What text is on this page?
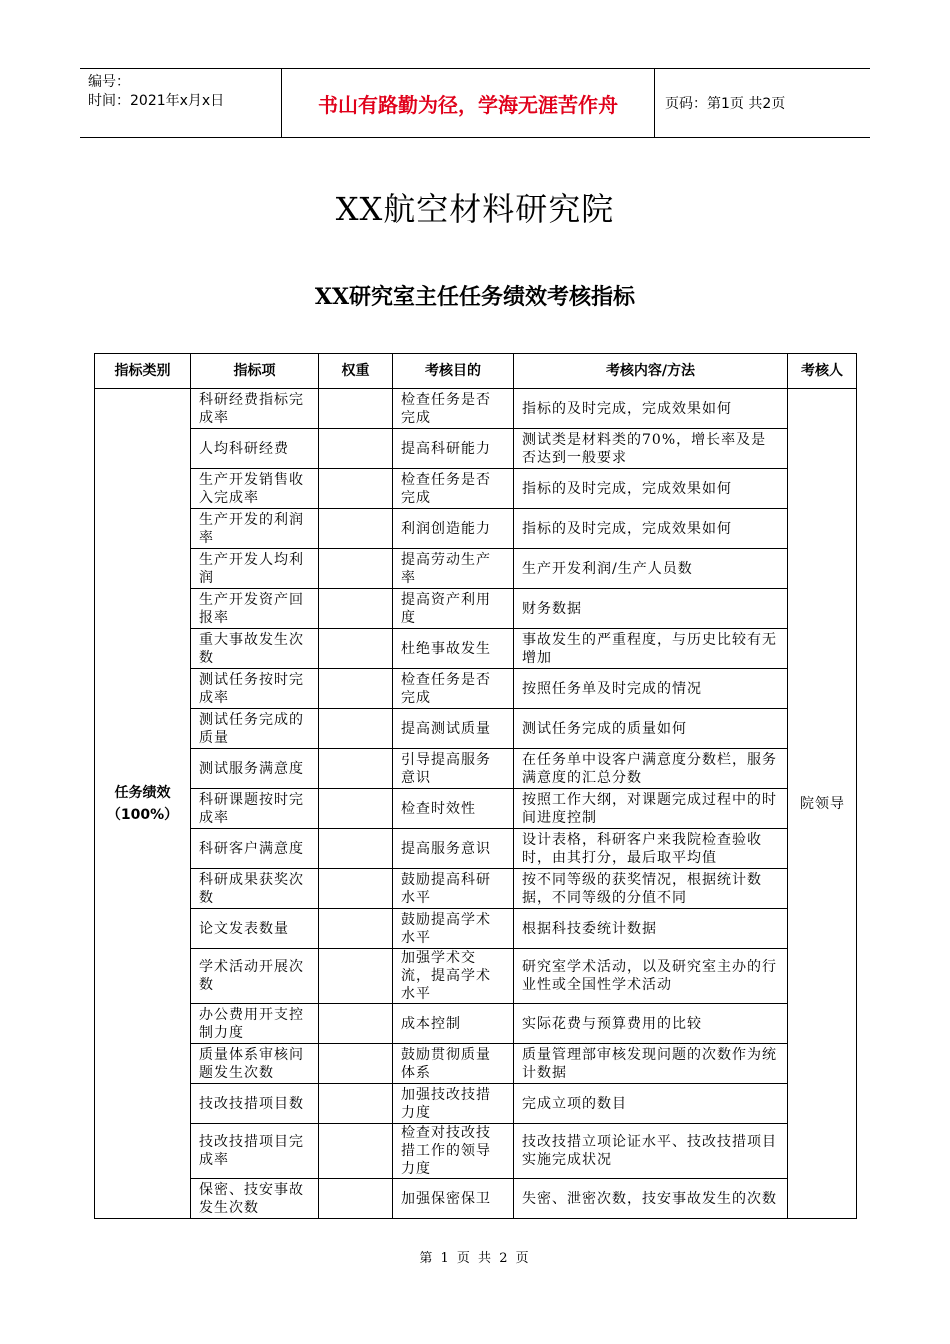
编号：
时间：2021年x月x日	书山有路勤为径，学海无涯苦作舟	页码：第1页 共2页
XX航空材料研究院
XX研究室主任任务绩效考核指标
指标类别	指标项	权重	考核目的	考核内容/方法	考核人

任务绩效
（100%）	科研经费指标完成率		检查任务是否完成	指标的及时完成，完成效果如何	院领导
	人均科研经费		提高科研能力	测试类是材料类的70%，增长率及是否达到一般要求	
	生产开发销售收入完成率		检查任务是否完成	指标的及时完成，完成效果如何	
	生产开发的利润率		利润创造能力	指标的及时完成，完成效果如何	
	生产开发人均利润		提高劳动生产率	生产开发利润/生产人员数	
	生产开发资产回报率		提高资产利用度	财务数据	
	重大事故发生次数		杜绝事故发生	事故发生的严重程度，与历史比较有无增加	
	测试任务按时完成率		检查任务是否完成	按照任务单及时完成的情况	
	测试任务完成的质量		提高测试质量	测试任务完成的质量如何	
	测试服务满意度		引导提高服务意识	在任务单中设客户满意度分数栏，服务满意度的汇总分数	
	科研课题按时完成率		检查时效性	按照工作大纲，对课题完成过程中的时间进度控制	
	科研客户满意度		提高服务意识	设计表格，科研客户来我院检查验收时，由其打分，最后取平均值	
	科研成果获奖次数		鼓励提高科研水平	按不同等级的获奖情况，根据统计数据，不同等级的分值不同	
	论文发表数量		鼓励提高学术水平	根据科技委统计数据	
	学术活动开展次数		加强学术交流，提高学术水平	研究室学术活动，以及研究室主办的行业性或全国性学术活动	
	办公费用开支控制力度		成本控制	实际花费与预算费用的比较	
	质量体系审核问题发生次数		鼓励贯彻质量体系	质量管理部审核发现问题的次数作为统计数据	
	技改技措项目数		加强技改技措力度	完成立项的数目	
	技改技措项目完成率		检查对技改技措工作的领导力度	技改技措立项论证水平、技改技措项目实施完成状况	
	保密、技安事故发生次数		加强保密保卫	失密、泄密次数，技安事故发生的次数	
第 1 页 共 2 页
